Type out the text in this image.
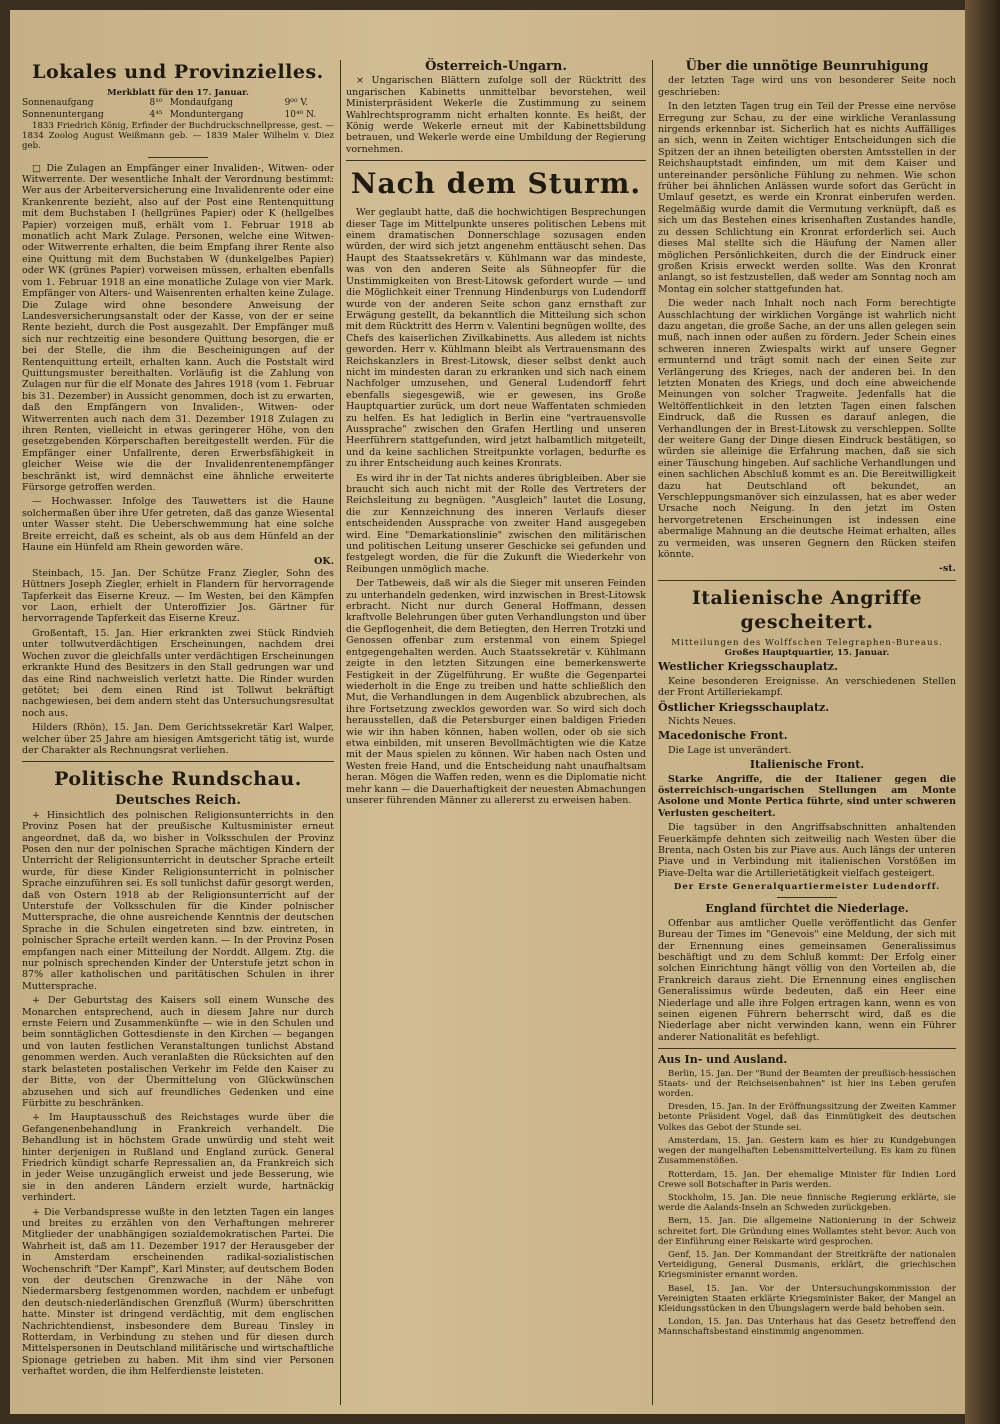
Lokales und Provinzielles.
Merkblatt für den 17. Januar.
Sonnenaufgang	8¹⁰	Mondaufgang	9⁰⁰ V.
Sonnenuntergang	4⁴⁵	Monduntergang	10⁴⁰ N.

1833 Friedrich König, Erfinder der Buchdruckschnellpresse, gest. — 1834 Zoolog August Weißmann geb. — 1839 Maler Wilhelm v. Diez geb.

□ Die Zulagen an Empfänger einer Invaliden-, Witwen- oder Witwerrente. Der wesentliche Inhalt der Verordnung bestimmt: Wer aus der Arbeiterversicherung eine Invalidenrente oder eine Krankenrente bezieht, also auf der Post eine Rentenquittung mit dem Buchstaben I (hellgrünes Papier) oder K (hellgelbes Papier) vorzeigen muß, erhält vom 1. Februar 1918 ab monatlich acht Mark Zulage. Personen, welche eine Witwen- oder Witwerrente erhalten, die beim Empfang ihrer Rente also eine Quittung mit dem Buchstaben W (dunkelgelbes Papier) oder WK (grünes Papier) vorweisen müssen, erhalten ebenfalls vom 1. Februar 1918 an eine monatliche Zulage von vier Mark. Empfänger von Alters- und Waisenrenten erhalten keine Zulage. Die Zulage wird ohne besondere Anweisung der Landesversicherungsanstalt oder der Kasse, von der er seine Rente bezieht, durch die Post ausgezahlt. Der Empfänger muß sich nur rechtzeitig eine besondere Quittung besorgen, die er bei der Stelle, die ihm die Bescheinigungen auf der Rentenquittung erteilt, erhalten kann. Auch die Poststalt wird Quittungsmuster bereithalten. Vorläufig ist die Zahlung von Zulagen nur für die elf Monate des Jahres 1918 (vom 1. Februar bis 31. Dezember) in Aussicht genommen, doch ist zu erwarten, daß den Empfängern von Invaliden-, Witwen- oder Witwerrenten auch nach dem 31. Dezember 1918 Zulagen zu ihren Renten, vielleicht in etwas geringerer Höhe, von den gesetzgebenden Körperschaften bereitgestellt werden. Für die Empfänger einer Unfallrente, deren Erwerbsfähigkeit in gleicher Weise wie die der Invalidenrentenempfänger beschränkt ist, wird demnächst eine ähnliche erweiterte Fürsorge getroffen werden.

— Hochwasser. Infolge des Tauwetters ist die Haune solchermaßen über ihre Ufer getreten, daß das ganze Wiesental unter Wasser steht. Die Ueberschwemmung hat eine solche Breite erreicht, daß es scheint, als ob aus dem Hünfeld an der Haune ein Hünfeld am Rhein geworden wäre.

OK.

Steinbach, 15. Jan. Der Schütze Franz Ziegler, Sohn des Hüttners Joseph Ziegler, erhielt in Flandern für hervorragende Tapferkeit das Eiserne Kreuz. — Im Westen, bei den Kämpfen vor Laon, erhielt der Unteroffizier Jos. Gärtner für hervorragende Tapferkeit das Eiserne Kreuz.

Großentaft, 15. Jan. Hier erkrankten zwei Stück Rindvieh unter tollwutverdächtigen Erscheinungen, nachdem drei Wochen zuvor die gleichfalls unter verdächtigen Erscheinungen erkrankte Hund des Besitzers in den Stall gedrungen war und das eine Rind nachweislich verletzt hatte. Die Rinder wurden getötet; bei dem einen Rind ist Tollwut bekräftigt nachgewiesen, bei dem andern steht das Untersuchungsresultat noch aus.

Hilders (Rhön), 15. Jan. Dem Gerichtssekretär Karl Walper, welcher über 25 Jahre am hiesigen Amtsgericht tätig ist, wurde der Charakter als Rechnungsrat verliehen.

Politische Rundschau.
Deutsches Reich.

+ Hinsichtlich des polnischen Religionsunterrichts in den Provinz Posen hat der preußische Kultusminister erneut angeordnet, daß da, wo bisher in Volksschulen der Provinz Posen den nur der polnischen Sprache mächtigen Kindern der Unterricht der Religionsunterricht in deutscher Sprache erteilt wurde, für diese Kinder Religionsunterricht in polnischer Sprache einzuführen sei. Es soll tunlichst dafür gesorgt werden, daß von Ostern 1918 ab der Religionsunterricht auf der Unterstufe der Volksschulen für die Kinder polnischer Muttersprache, die ohne ausreichende Kenntnis der deutschen Sprache in die Schulen eingetreten sind bzw. eintreten, in polnischer Sprache erteilt werden kann. — In der Provinz Posen empfangen nach einer Mitteilung der Norddt. Allgem. Ztg. die nur polnisch sprechenden Kinder der Unterstufe jetzt schon in 87% aller katholischen und paritätischen Schulen in ihrer Muttersprache.

+ Der Geburtstag des Kaisers soll einem Wunsche des Monarchen entsprechend, auch in diesem Jahre nur durch ernste Feiern und Zusammenkünfte — wie in den Schulen und beim sonntäglichen Gottesdienste in den Kirchen — begangen und von lauten festlichen Veranstaltungen tunlichst Abstand genommen werden. Auch veranlaßten die Rücksichten auf den stark belasteten postalischen Verkehr im Felde den Kaiser zu der Bitte, von der Übermittelung von Glückwünschen abzusehen und sich auf freundliches Gedenken und eine Fürbitte zu beschränken.

+ Im Hauptausschuß des Reichstages wurde über die Gefangenenbehandlung in Frankreich verhandelt. Die Behandlung ist in höchstem Grade unwürdig und steht weit hinter derjenigen in Rußland und England zurück. General Friedrich kündigt scharfe Repressalien an, da Frankreich sich in jeder Weise unzugänglich erweist und jede Besserung, wie sie in den anderen Ländern erzielt wurde, hartnäckig verhindert.

+ Die Verbandspresse wußte in den letzten Tagen ein langes und breites zu erzählen von den Verhaftungen mehrerer Mitglieder der unabhängigen sozialdemokratischen Partei. Die Wahrheit ist, daß am 11. Dezember 1917 der Herausgeber der in Amsterdam erscheinenden radikal-sozialistischen Wochenschrift "Der Kampf", Karl Minster, auf deutschem Boden von der deutschen Grenzwache in der Nähe von Niedermarsberg festgenommen worden, nachdem er unbefugt den deutsch-niederländischen Grenzfluß (Wurm) überschritten hatte. Minster ist dringend verdächtig, mit dem englischen Nachrichtendienst, insbesondere dem Bureau Tinsley in Rotterdam, in Verbindung zu stehen und für diesen durch Mittelspersonen in Deutschland militärische und wirtschaftliche Spionage getrieben zu haben. Mit ihm sind vier Personen verhaftet worden, die ihm Helferdienste leisteten.

Österreich-Ungarn.

× Ungarischen Blättern zufolge soll der Rücktritt des ungarischen Kabinetts unmittelbar bevorstehen, weil Ministerpräsident Wekerle die Zustimmung zu seinem Wahlrechtsprogramm nicht erhalten konnte. Es heißt, der König werde Wekerle erneut mit der Kabinettsbildung betrauen, und Wekerle werde eine Umbildung der Regierung vornehmen.

Nach dem Sturm.

Wer geglaubt hatte, daß die hochwichtigen Besprechungen dieser Tage im Mittelpunkte unseres politischen Lebens mit einem dramatischen Donnerschlage sozusagen enden würden, der wird sich jetzt angenehm enttäuscht sehen. Das Haupt des Staatssekretärs v. Kühlmann war das mindeste, was von den anderen Seite als Sühneopfer für die Unstimmigkeiten von Brest-Litowsk gefordert wurde — und die Möglichkeit einer Trennung Hindenburgs von Ludendorff wurde von der anderen Seite schon ganz ernsthaft zur Erwägung gestellt, da bekanntlich die Mitteilung sich schon mit dem Rücktritt des Herrn v. Valentini begnügen wollte, des Chefs des kaiserlichen Zivilkabinetts. Aus alledem ist nichts geworden. Herr v. Kühlmann bleibt als Vertrauensmann des Reichskanzlers in Brest-Litowsk, dieser selbst denkt auch nicht im mindesten daran zu erkranken und sich nach einem Nachfolger umzusehen, und General Ludendorff fehrt ebenfalls siegesgewiß, wie er gewesen, ins Große Hauptquartier zurück, um dort neue Waffentaten schmieden zu helfen. Es hat lediglich in Berlin eine "vertrauensvolle Aussprache" zwischen den Grafen Hertling und unseren Heerführern stattgefunden, wird jetzt halbamtlich mitgeteilt, und da keine sachlichen Streitpunkte vorlagen, bedurfte es zu ihrer Entscheidung auch keines Kronrats.

Es wird ihr in der Tat nichts anderes übrigbleiben. Aber sie braucht sich auch nicht mit der Rolle des Vertreters der Reichsleitung zu begnügen. "Ausgleich" lautet die Losung, die zur Kennzeichnung des inneren Verlaufs dieser entscheidenden Aussprache von zweiter Hand ausgegeben wird. Eine "Demarkationslinie" zwischen den militärischen und politischen Leitung unserer Geschicke sei gefunden und festgelegt worden, die für die Zukunft die Wiederkehr von Reibungen unmöglich mache.

Der Tatbeweis, daß wir als die Sieger mit unseren Feinden zu unterhandeln gedenken, wird inzwischen in Brest-Litowsk erbracht. Nicht nur durch General Hoffmann, dessen kraftvolle Belehrungen über guten Verhandlungston und über die Gepflogenheit, die dem Betiegten, den Herren Trotzki und Genossen offenbar zum erstenmal von einem Spiegel entgegengehalten werden. Auch Staatssekretär v. Kühlmann zeigte in den letzten Sitzungen eine bemerkenswerte Festigkeit in der Zügelführung. Er wußte die Gegenpartei wiederholt in die Enge zu treiben und hatte schließlich den Mut, die Verhandlungen in dem Augenblick abzubrechen, als ihre Fortsetzung zwecklos geworden war. So wird sich doch herausstellen, daß die Petersburger einen baldigen Frieden wie wir ihn haben können, haben wollen, oder ob sie sich etwa einbilden, mit unseren Bevollmächtigten wie die Katze mit der Maus spielen zu können. Wir haben nach Osten und Westen freie Hand, und die Entscheidung naht unaufhaltsam heran. Mögen die Waffen reden, wenn es die Diplomatie nicht mehr kann — die Dauerhaftigkeit der neuesten Abmachungen unserer führenden Männer zu allererst zu erweisen haben.

Über die unnötige Beunruhigung

der letzten Tage wird uns von besonderer Seite noch geschrieben:

In den letzten Tagen trug ein Teil der Presse eine nervöse Erregung zur Schau, zu der eine wirkliche Veranlassung nirgends erkennbar ist. Sicherlich hat es nichts Auffälliges an sich, wenn in Zeiten wichtiger Entscheidungen sich die Spitzen der an ihnen beteiligten obersten Amtsstellen in der Reichshauptstadt einfinden, um mit dem Kaiser und untereinander persönliche Fühlung zu nehmen. Wie schon früher bei ähnlichen Anlässen wurde sofort das Gerücht in Umlauf gesetzt, es werde ein Kronrat einberufen werden. Regelmäßig wurde damit die Vermutung verknüpft, daß es sich um das Bestehen eines krisenhaften Zustandes handle, zu dessen Schlichtung ein Kronrat erforderlich sei. Auch dieses Mal stellte sich die Häufung der Namen aller möglichen Persönlichkeiten, durch die der Eindruck einer großen Krisis erweckt werden sollte. Was den Kronrat anlangt, so ist festzustellen, daß weder am Sonntag noch am Montag ein solcher stattgefunden hat.

Die weder nach Inhalt noch nach Form berechtigte Ausschlachtung der wirklichen Vorgänge ist wahrlich nicht dazu angetan, die große Sache, an der uns allen gelegen sein muß, nach innen oder außen zu fördern. Jeder Schein eines schweren inneren Zwiespalts wirkt auf unsere Gegner ermunternd und trägt somit nach der einen Seite zur Verlängerung des Krieges, nach der anderen bei. In den letzten Monaten des Kriegs, und doch eine abweichende Meinungen von solcher Tragweite. Jedenfalls hat die Weltöffentlichkeit in den letzten Tagen einen falschen Eindruck, daß die Russen es darauf anlegen, die Verhandlungen der in Brest-Litowsk zu verschleppen. Sollte der weitere Gang der Dinge diesen Eindruck bestätigen, so würden sie alleinige die Erfahrung machen, daß sie sich einer Täuschung hingeben. Auf sachliche Verhandlungen und einen sachlichen Abschluß kommt es an. Die Bereitwilligkeit dazu hat Deutschland oft bekundet, an Verschleppungsmanöver sich einzulassen, hat es aber weder Ursache noch Neigung. In den jetzt im Osten hervorgetretenen Erscheinungen ist indessen eine abermalige Mahnung an die deutsche Heimat erhalten, alles zu vermeiden, was unseren Gegnern den Rücken steifen könnte.

-st.
Italienische Angriffe gescheitert.
Mitteilungen des Wolffschen Telegraphen-Bureaus.
Großes Hauptquartier, 15. Januar.
Westlicher Kriegsschauplatz.

Keine besonderen Ereignisse. An verschiedenen Stellen der Front Artilleriekampf.

Östlicher Kriegsschauplatz.

Nichts Neues.

Macedonische Front.

Die Lage ist unverändert.

Italienische Front.

Starke Angriffe, die der Italiener gegen die österreichisch-ungarischen Stellungen am Monte Asolone und Monte Pertica führte, sind unter schweren Verlusten gescheitert.

Die tagsüber in den Angriffsabschnitten anhaltenden Feuerkämpfe dehnten sich zeitweilig nach Westen über die Brenta, nach Osten bis zur Piave aus. Auch längs der unteren Piave und in Verbindung mit italienischen Vorstößen im Piave-Delta war die Artillerietätigkeit vielfach gesteigert.

Der Erste Generalquartiermeister Ludendorff.
England fürchtet die Niederlage.

Offenbar aus amtlicher Quelle veröffentlicht das Genfer Bureau der Times im "Genevois" eine Meldung, der sich mit der Ernennung eines gemeinsamen Generalissimus beschäftigt und zu dem Schluß kommt: Der Erfolg einer solchen Einrichtung hängt völlig von den Vorteilen ab, die Frankreich daraus zieht. Die Ernennung eines englischen Generalissimus würde bedeuten, daß ein Heer eine Niederlage und alle ihre Folgen ertragen kann, wenn es von seinen eigenen Führern beherrscht wird, daß es die Niederlage aber nicht verwinden kann, wenn ein Führer anderer Nationalität es befehligt.

Aus In- und Ausland.

Berlin, 15. Jan. Der "Bund der Beamten der preußisch-hessischen Staats- und der Reichseisenbahnen" ist hier ins Leben gerufen worden.

Dresden, 15. Jan. In der Eröffnungssitzung der Zweiten Kammer betonte Präsident Vogel, daß das Einmütigkeit des deutschen Volkes das Gebot der Stunde sei.

Amsterdam, 15. Jan. Gestern kam es hier zu Kundgebungen wegen der mangelhaften Lebensmittelverteilung. Es kam zu fünen Zusammenstößen.

Rotterdam, 15. Jan. Der ehemalige Minister für Indien Lord Crewe soll Botschafter in Paris werden.

Stockholm, 15. Jan. Die neue finnische Regierung erklärte, sie werde die Aalands-Inseln an Schweden zurückgeben.

Bern, 15. Jan. Die allgemeine Nationierung in der Schweiz schreitet fort. Die Gründung eines Wollamtes steht bevor. Auch von der Einführung einer Reiskarte wird gesprochen.

Genf, 15. Jan. Der Kommandant der Streitkräfte der nationalen Verteidigung, General Dusmanis, erklärt, die griechischen Kriegsminister ernannt worden.

Basel, 15. Jan. Vor der Untersuchungskommission der Vereinigten Staaten erklärte Kriegsminister Baker, der Mangel an Kleidungsstücken in den Übungslagern werde bald behoben sein.

London, 15. Jan. Das Unterhaus hat das Gesetz betreffend den Mannschaftsbestand einstimmig angenommen.
